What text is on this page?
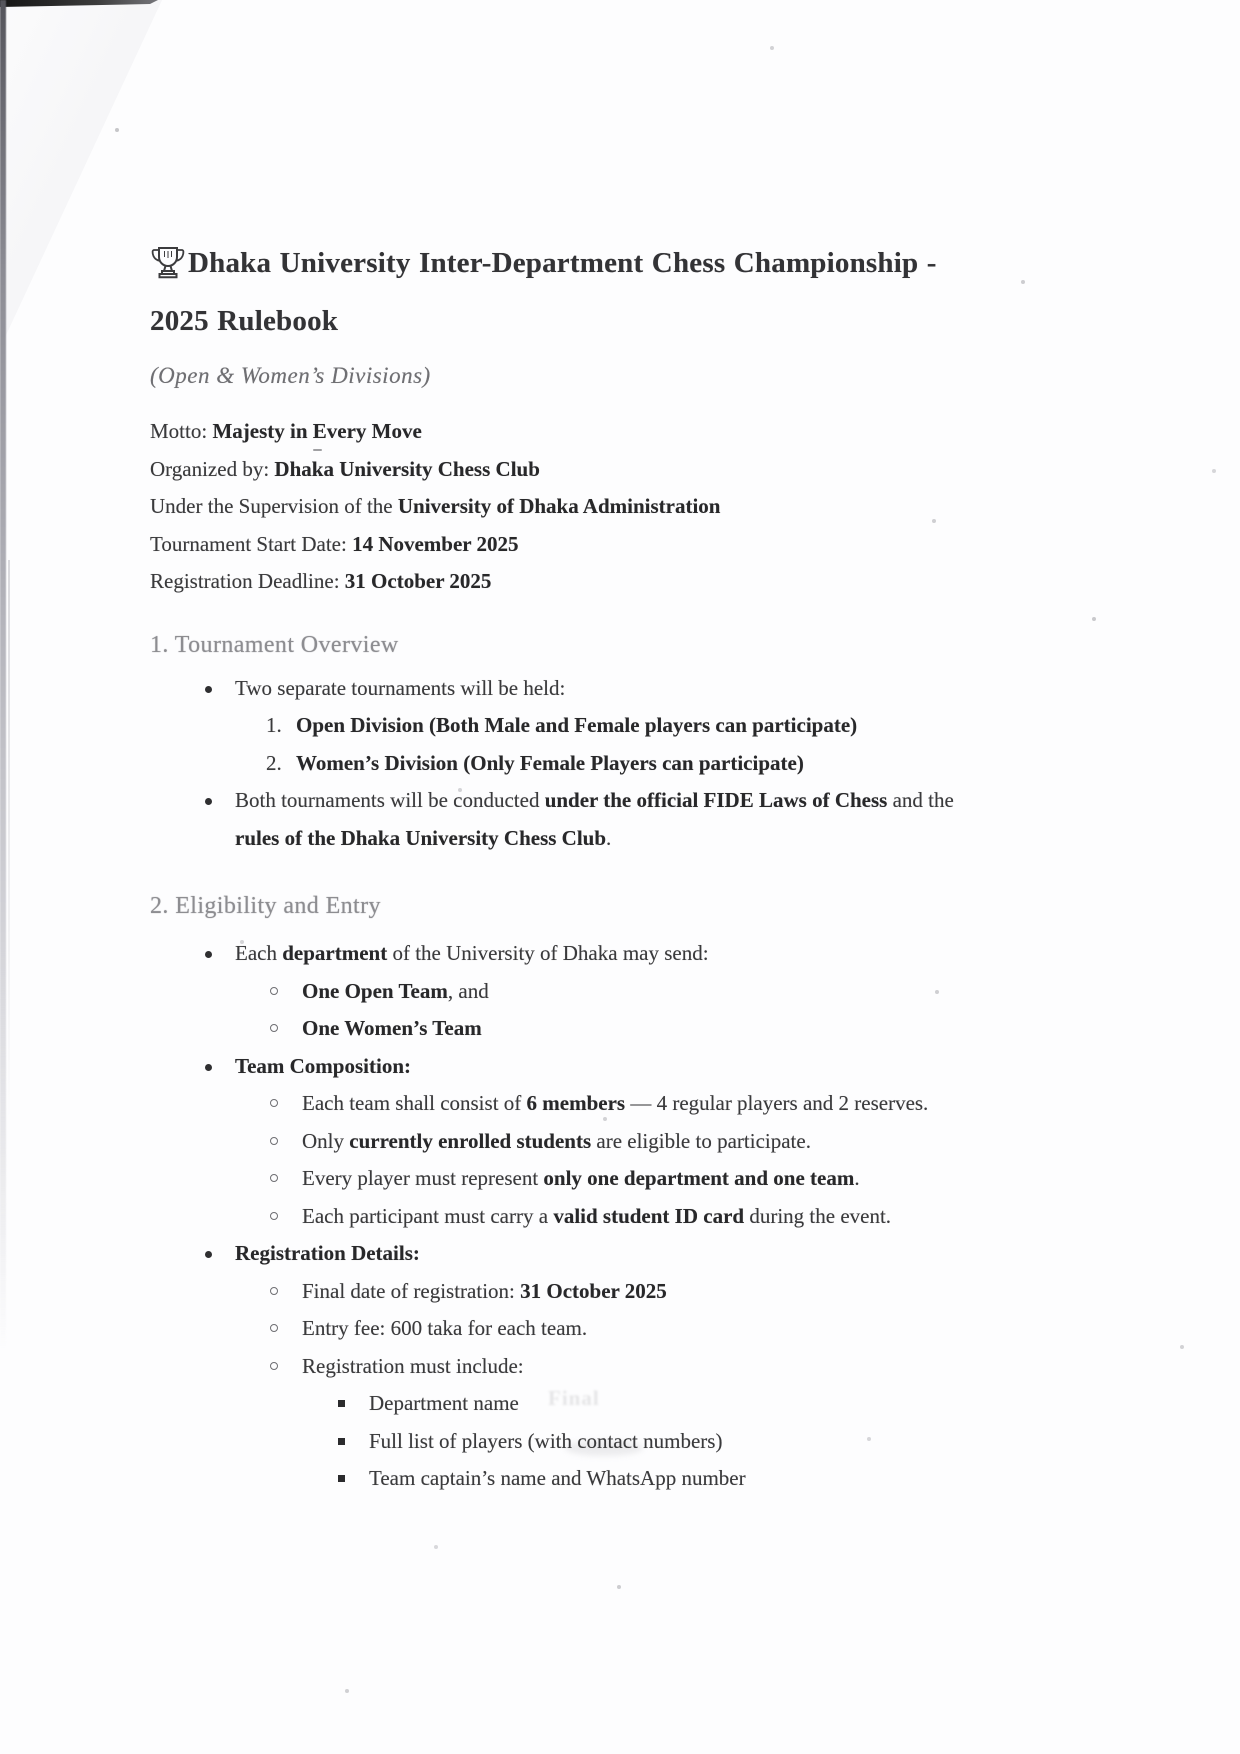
Final
Dhaka University Inter-Department Chess Championship -
2025 Rulebook
(Open & Women’s Divisions)
Motto: Majesty in Every Move
Organized by: Dhaka University Chess Club
Under the Supervision of the University of Dhaka Administration
Tournament Start Date: 14 November 2025
Registration Deadline: 31 October 2025
1. Tournament Overview
Two separate tournaments will be held:
1. Open Division (Both Male and Female players can participate)
2. Women’s Division (Only Female Players can participate)
Both tournaments will be conducted under the official FIDE Laws of Chess and the
rules of the Dhaka University Chess Club.
2. Eligibility and Entry
Each department of the University of Dhaka may send:
One Open Team, and
One Women’s Team
Team Composition:
Each team shall consist of 6 members — 4 regular players and 2 reserves.
Only currently enrolled students are eligible to participate.
Every player must represent only one department and one team.
Each participant must carry a valid student ID card during the event.
Registration Details:
Final date of registration: 31 October 2025
Entry fee: 600 taka for each team.
Registration must include:
Department name
Full list of players (with contact numbers)
Team captain’s name and WhatsApp number
